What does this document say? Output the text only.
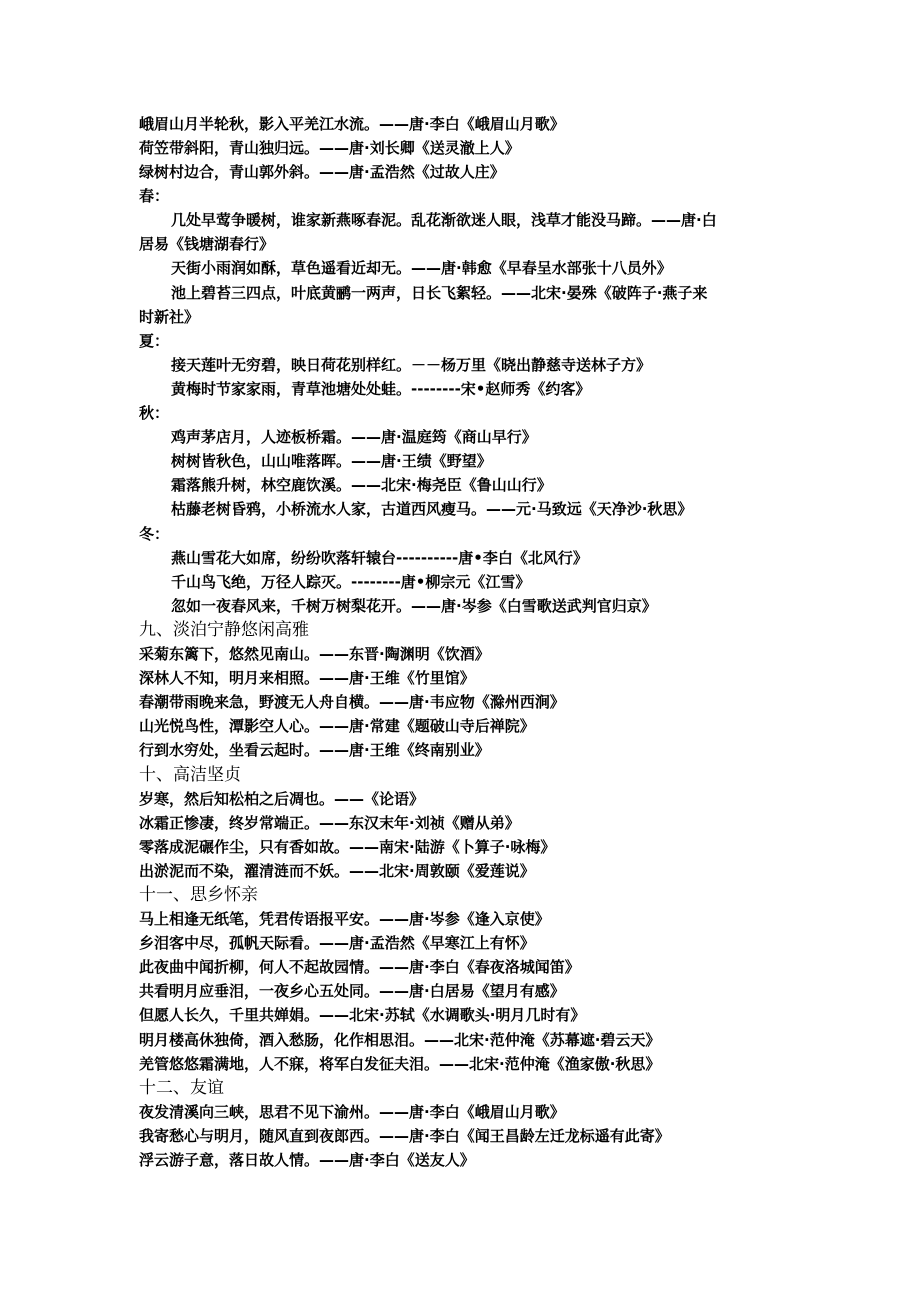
峨眉山月半轮秋，影入平羌江水流。——唐·李白《峨眉山月歌》

荷笠带斜阳，青山独归远。——唐·刘长卿《送灵澈上人》

绿树村边合，青山郭外斜。——唐·孟浩然《过故人庄》

春：

几处早莺争暖树，谁家新燕啄春泥。乱花渐欲迷人眼，浅草才能没马蹄。——唐·白

居易《钱塘湖春行》

天街小雨润如酥，草色遥看近却无。——唐·韩愈《早春呈水部张十八员外》

池上碧苔三四点，叶底黄鹂一两声，日长飞絮轻。——北宋·晏殊《破阵子·燕子来

时新社》

夏：

接天莲叶无穷碧，映日荷花别样红。－－杨万里《晓出静慈寺送林子方》

黄梅时节家家雨，青草池塘处处蛙。--------宋•赵师秀《约客》

秋：

鸡声茅店月，人迹板桥霜。——唐·温庭筠《商山早行》

树树皆秋色，山山唯落晖。——唐·王绩《野望》

霜落熊升树，林空鹿饮溪。——北宋·梅尧臣《鲁山山行》

枯藤老树昏鸦，小桥流水人家，古道西风瘦马。——元·马致远《天净沙·秋思》

冬：

燕山雪花大如席，纷纷吹落轩辕台----------唐•李白《北风行》

千山鸟飞绝，万径人踪灭。--------唐•柳宗元《江雪》

忽如一夜春风来，千树万树梨花开。——唐·岑参《白雪歌送武判官归京》

九、淡泊宁静悠闲高雅

采菊东篱下，悠然见南山。——东晋·陶渊明《饮酒》

深林人不知，明月来相照。——唐·王维《竹里馆》

春潮带雨晚来急，野渡无人舟自横。——唐·韦应物《滁州西涧》

山光悦鸟性，潭影空人心。——唐·常建《题破山寺后禅院》

行到水穷处，坐看云起时。——唐·王维《终南别业》

十、高洁坚贞

岁寒，然后知松柏之后凋也。——《论语》

冰霜正惨凄，终岁常端正。——东汉末年·刘祯《赠从弟》

零落成泥碾作尘，只有香如故。——南宋·陆游《卜算子·咏梅》

出淤泥而不染，濯清涟而不妖。——北宋·周敦颐《爱莲说》

十一、思乡怀亲

马上相逢无纸笔，凭君传语报平安。——唐·岑参《逢入京使》

乡泪客中尽，孤帆天际看。——唐·孟浩然《早寒江上有怀》

此夜曲中闻折柳，何人不起故园情。——唐·李白《春夜洛城闻笛》

共看明月应垂泪，一夜乡心五处同。——唐·白居易《望月有感》

但愿人长久，千里共婵娟。——北宋·苏轼《水调歌头·明月几时有》

明月楼高休独倚，酒入愁肠，化作相思泪。——北宋·范仲淹《苏幕遮·碧云天》

羌管悠悠霜满地，人不寐，将军白发征夫泪。——北宋·范仲淹《渔家傲·秋思》

十二、友谊

夜发清溪向三峡，思君不见下渝州。——唐·李白《峨眉山月歌》

我寄愁心与明月，随风直到夜郎西。——唐·李白《闻王昌龄左迁龙标遥有此寄》

浮云游子意，落日故人情。——唐·李白《送友人》
